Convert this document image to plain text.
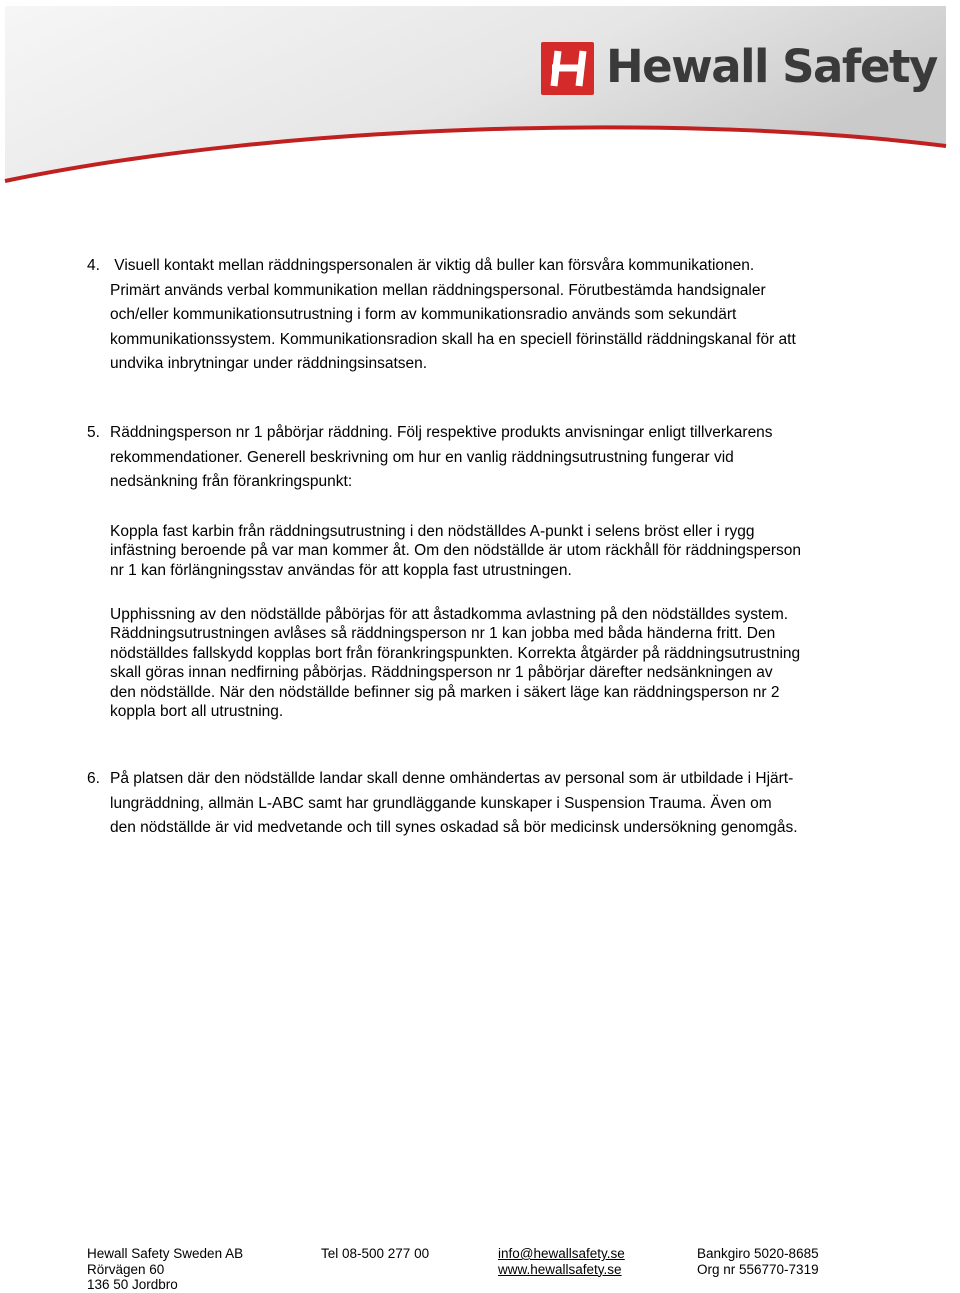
Hewall Safety
4. Visuell kontakt mellan räddningspersonalen är viktig då buller kan försvåra kommunikationen.

Primärt används verbal kommunikation mellan räddningspersonal. Förutbestämda handsignaler

och/eller kommunikationsutrustning i form av kommunikationsradio används som sekundärt

kommunikationssystem. Kommunikationsradion skall ha en speciell förinställd räddningskanal för att

undvika inbrytningar under räddningsinsatsen.

5. Räddningsperson nr 1 påbörjar räddning. Följ respektive produkts anvisningar enligt tillverkarens

rekommendationer. Generell beskrivning om hur en vanlig räddningsutrustning fungerar vid

nedsänkning från förankringspunkt:

Koppla fast karbin från räddningsutrustning i den nödställdes A-punkt i selens bröst eller i rygg

infästning beroende på var man kommer åt. Om den nödställde är utom räckhåll för räddningsperson

nr 1 kan förlängningsstav användas för att koppla fast utrustningen.

Upphissning av den nödställde påbörjas för att åstadkomma avlastning på den nödställdes system.

Räddningsutrustningen avlåses så räddningsperson nr 1 kan jobba med båda händerna fritt. Den

nödställdes fallskydd kopplas bort från förankringspunkten. Korrekta åtgärder på räddningsutrustning

skall göras innan nedfirning påbörjas. Räddningsperson nr 1 påbörjar därefter nedsänkningen av

den nödställde. När den nödställde befinner sig på marken i säkert läge kan räddningsperson nr 2

koppla bort all utrustning.

6. På platsen där den nödställde landar skall denne omhändertas av personal som är utbildade i Hjärt-

lungräddning, allmän L-ABC samt har grundläggande kunskaper i Suspension Trauma. Även om

den nödställde är vid medvetande och till synes oskadad så bör medicinsk undersökning genomgås.

Hewall Safety Sweden AB
Rörvägen 60
136 50 Jordbro
Tel 08-500 277 00	info@hewallsafety.se
www.hewallsafety.se
Bankgiro 5020-8685
Org nr 556770-7319
